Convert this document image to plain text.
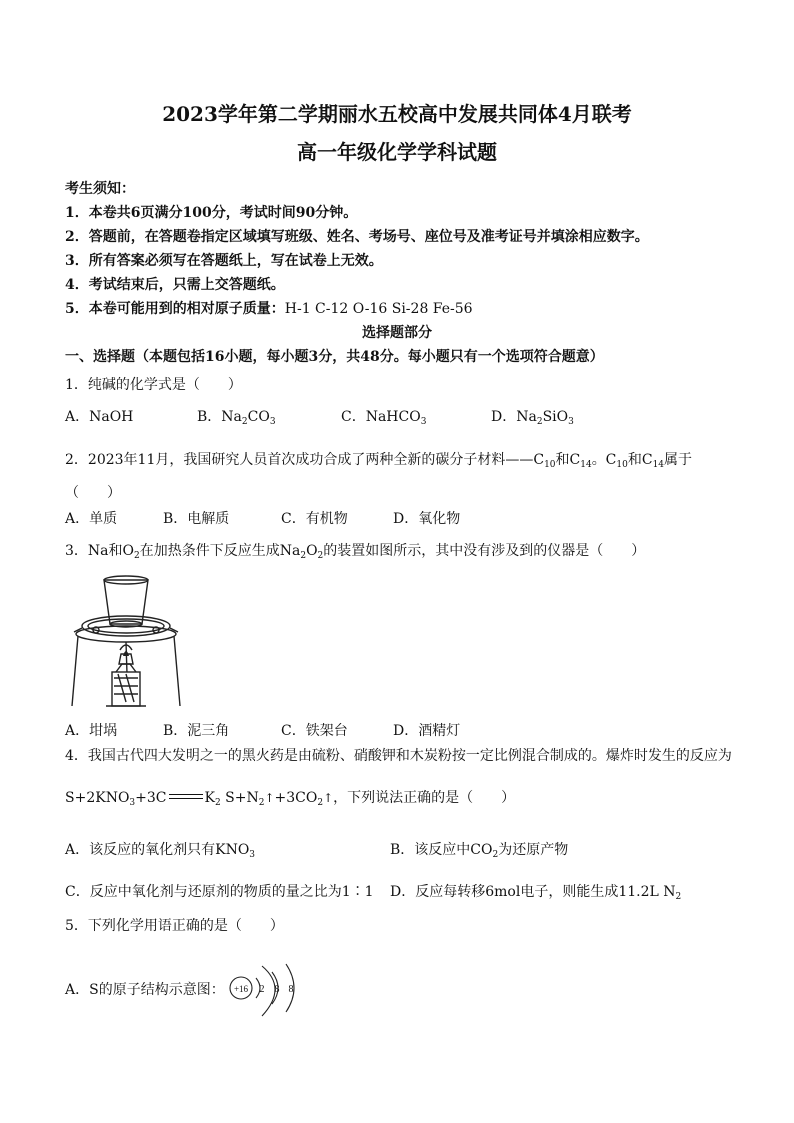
2023学年第二学期丽水五校高中发展共同体4月联考
高一年级化学学科试题
考生须知：
1．本卷共6页满分100分，考试时间90分钟。
2．答题前，在答题卷指定区域填写班级、姓名、考场号、座位号及准考证号并填涂相应数字。
3．所有答案必须写在答题纸上，写在试卷上无效。
4．考试结束后，只需上交答题纸。
5．本卷可能用到的相对原子质量：H-1 C-12 O-16 Si-28 Fe-56
选择题部分
一、选择题（本题包括16小题，每小题3分，共48分。每小题只有一个选项符合题意）
1．纯碱的化学式是（　　）
A．NaOH	B．$Na_2CO_3$	C．NaHCO$_3$	D．$Na_2SiO_3$
2．2023年11月，我国研究人员首次成功合成了两种全新的碳分子材料$——C_{10}$和$C_{14}$。$C_{10}$和$C_{14}$属于
（　　）
A．单质	B．电解质	C．有机物	D．氧化物
3．Na和$O_2$在加热条件下反应生成$Na_2O_2$的装置如图所示，其中没有涉及到的仪器是（　　）
A．坩埚	B．泥三角	C．铁架台	D．酒精灯
4．我国古代四大发明之一的黑火药是由硫粉、硝酸钾和木炭粉按一定比例混合制成的。爆炸时发生的反应为
$S+2KNO_3+3C$	$K_2$ $S+N_2↑+3CO_2↑$，下列说法正确的是（　　）
A．该反应的氧化剂只有$KNO_3$	B．该反应中$CO_2$为还原产物
C．反应中氧化剂与还原剂的物质的量之比为1∶1 D．反应每转移6mol电子，则能生成11.2L $N_2$
5．下列化学用语正确的是（　　）
A．S的原子结构示意图： +16 2 8 8
